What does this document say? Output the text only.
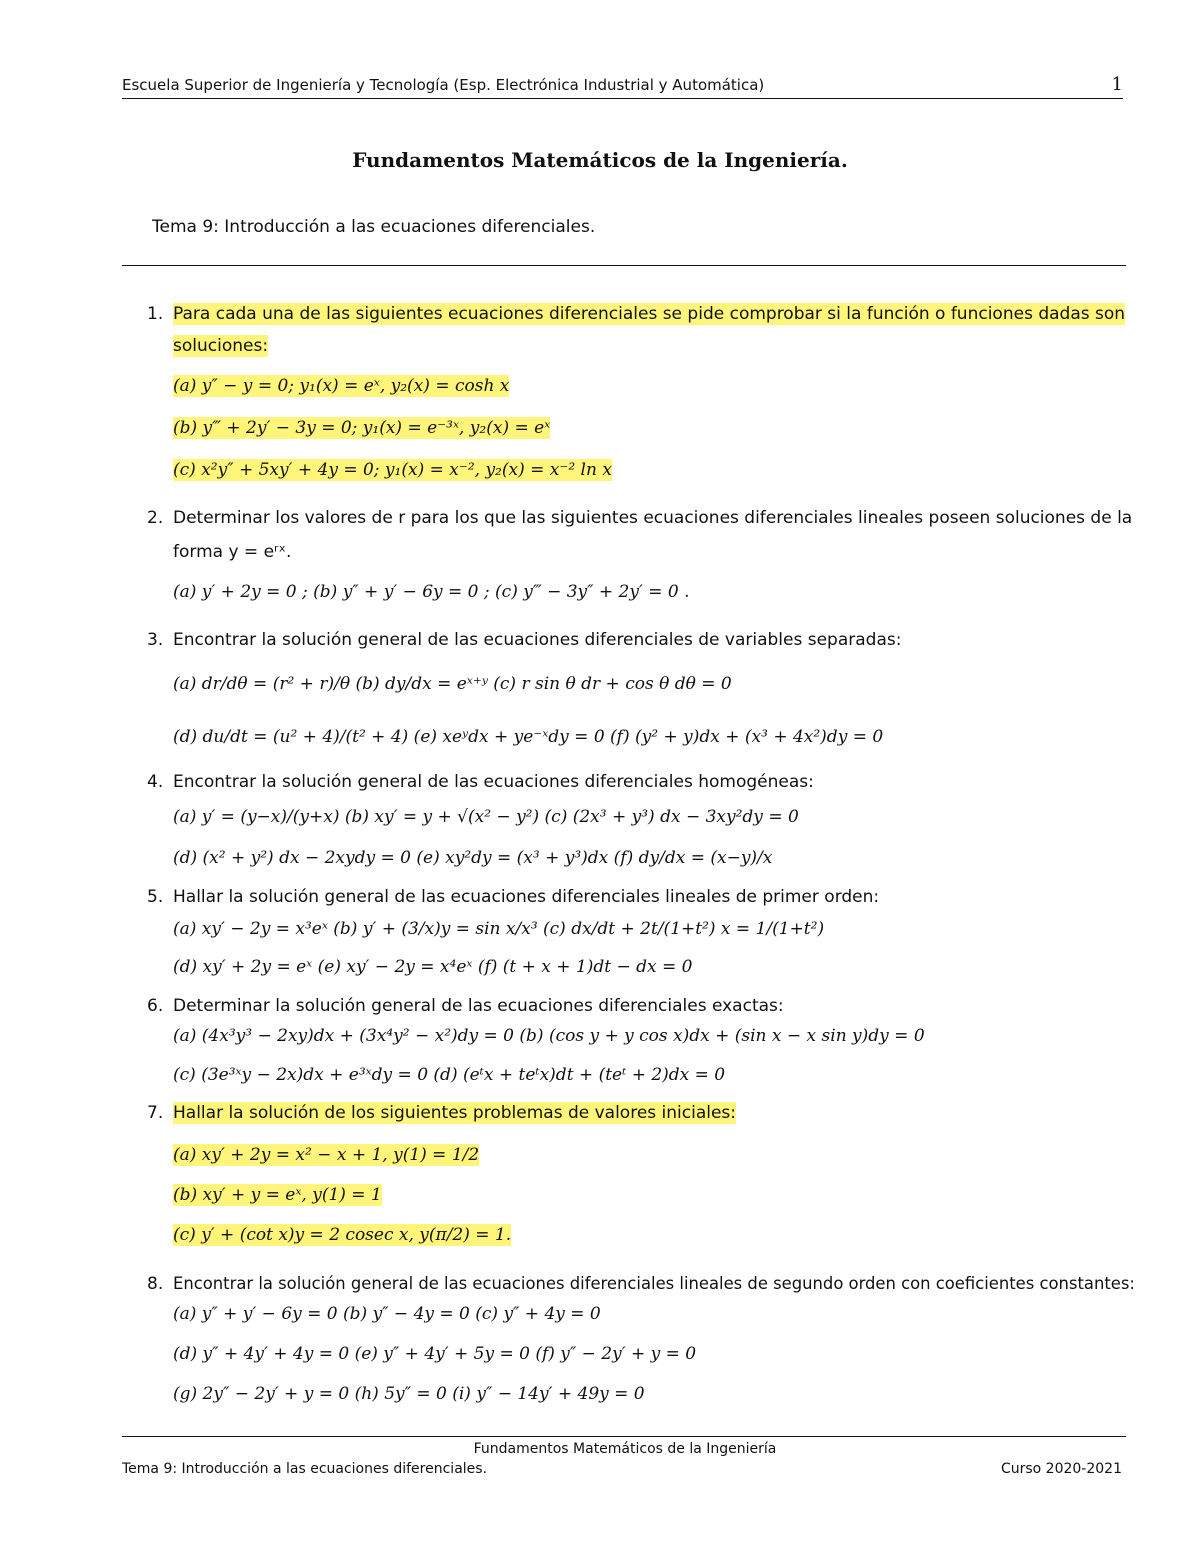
Escuela Superior de Ingeniería y Tecnología (Esp. Electrónica Industrial y Automática)	1
Fundamentos Matemáticos de la Ingeniería.
Tema 9: Introducción a las ecuaciones diferenciales.
1. Para cada una de las siguientes ecuaciones diferenciales se pide comprobar si la función o funciones dadas son
soluciones:
(a) y″ − y = 0; y₁(x) = eˣ, y₂(x) = cosh x
(b) y‴ + 2y′ − 3y = 0; y₁(x) = e⁻³ˣ, y₂(x) = eˣ
(c) x²y″ + 5xy′ + 4y = 0; y₁(x) = x⁻², y₂(x) = x⁻² ln x
2. Determinar los valores de r para los que las siguientes ecuaciones diferenciales lineales poseen soluciones de la
forma y = eʳˣ.
(a) y′ + 2y = 0 ; (b) y″ + y′ − 6y = 0 ; (c) y‴ − 3y″ + 2y′ = 0 .
3. Encontrar la solución general de las ecuaciones diferenciales de variables separadas:
(a) dr/dθ = (r² + r)/θ (b) dy/dx = eˣ⁺ʸ (c) r sin θ dr + cos θ dθ = 0
(d) du/dt = (u² + 4)/(t² + 4) (e) xeʸdx + ye⁻ˣdy = 0 (f) (y² + y)dx + (x³ + 4x²)dy = 0
4. Encontrar la solución general de las ecuaciones diferenciales homogéneas:
(a) y′ = (y−x)/(y+x) (b) xy′ = y + √(x² − y²) (c) (2x³ + y³) dx − 3xy²dy = 0
(d) (x² + y²) dx − 2xydy = 0 (e) xy²dy = (x³ + y³)dx (f) dy/dx = (x−y)/x
5. Hallar la solución general de las ecuaciones diferenciales lineales de primer orden:
(a) xy′ − 2y = x³eˣ (b) y′ + (3/x)y = sin x/x³ (c) dx/dt + 2t/(1+t²) x = 1/(1+t²)
(d) xy′ + 2y = eˣ (e) xy′ − 2y = x⁴eˣ (f) (t + x + 1)dt − dx = 0
6. Determinar la solución general de las ecuaciones diferenciales exactas:
(a) (4x³y³ − 2xy)dx + (3x⁴y² − x²)dy = 0 (b) (cos y + y cos x)dx + (sin x − x sin y)dy = 0
(c) (3e³ˣy − 2x)dx + e³ˣdy = 0 (d) (eᵗx + teᵗx)dt + (teᵗ + 2)dx = 0
7. Hallar la solución de los siguientes problemas de valores iniciales:
(a) xy′ + 2y = x² − x + 1, y(1) = 1/2
(b) xy′ + y = eˣ, y(1) = 1
(c) y′ + (cot x)y = 2 cosec x, y(π/2) = 1.
8. Encontrar la solución general de las ecuaciones diferenciales lineales de segundo orden con coeficientes constantes:
(a) y″ + y′ − 6y = 0 (b) y″ − 4y = 0 (c) y″ + 4y = 0
(d) y″ + 4y′ + 4y = 0 (e) y″ + 4y′ + 5y = 0 (f) y″ − 2y′ + y = 0
(g) 2y″ − 2y′ + y = 0 (h) 5y″ = 0 (i) y″ − 14y′ + 49y = 0
Fundamentos Matemáticos de la Ingeniería
Tema 9: Introducción a las ecuaciones diferenciales.	Curso 2020-2021
